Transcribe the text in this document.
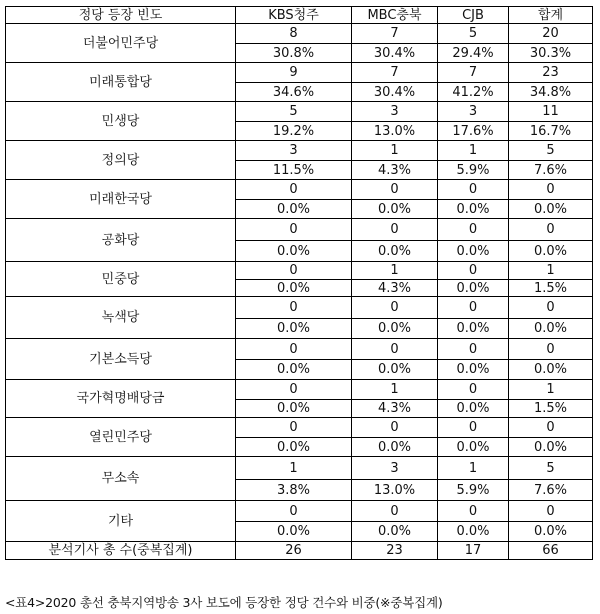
정당 등장 빈도	KBS청주	MBC충북	CJB	합계
더불어민주당	8	7	5	20
	30.8%	30.4%	29.4%	30.3%
미래통합당	9	7	7	23
	34.6%	30.4%	41.2%	34.8%
민생당	5	3	3	11
	19.2%	13.0%	17.6%	16.7%
정의당	3	1	1	5
	11.5%	4.3%	5.9%	7.6%
미래한국당	0	0	0	0
	0.0%	0.0%	0.0%	0.0%
공화당	0	0	0	0
	0.0%	0.0%	0.0%	0.0%
민중당	0	1	0	1
	0.0%	4.3%	0.0%	1.5%
녹색당	0	0	0	0
	0.0%	0.0%	0.0%	0.0%
기본소득당	0	0	0	0
	0.0%	0.0%	0.0%	0.0%
국가혁명배당금	0	1	0	1
	0.0%	4.3%	0.0%	1.5%
열린민주당	0	0	0	0
	0.0%	0.0%	0.0%	0.0%
무소속	1	3	1	5
	3.8%	13.0%	5.9%	7.6%
기타	0	0	0	0
	0.0%	0.0%	0.0%	0.0%
분석기사 총 수(중복집계)	26	23	17	66
<표4>2020 총선 충북지역방송 3사 보도에 등장한 정당 건수와 비중(※중복집계)
